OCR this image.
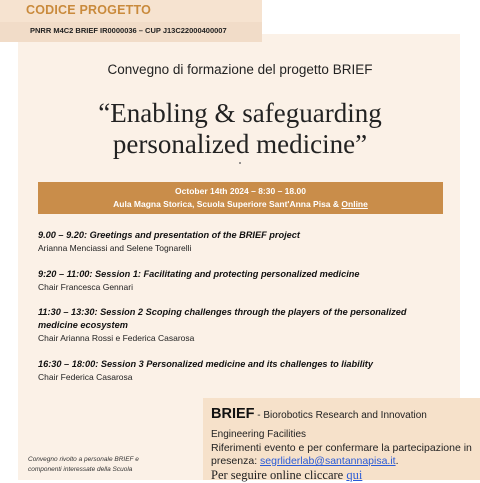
CODICE PROGETTO
PNRR M4C2 BRIEF IR0000036 – CUP J13C22000400007
Convegno di formazione del progetto BRIEF
“Enabling & safeguarding
personalized medicine”
October 14th 2024 – 8:30 – 18.00
Aula Magna Storica, Scuola Superiore Sant'Anna Pisa & Online
9.00 – 9.20: Greetings and presentation of the BRIEF project
Arianna Menciassi and Selene Tognarelli
9:20 – 11:00: Session 1: Facilitating and protecting personalized medicine
Chair Francesca Gennari
11:30 – 13:30: Session 2 Scoping challenges through the players of the personalized medicine ecosystem
Chair Arianna Rossi e Federica Casarosa
16:30 – 18:00: Session 3 Personalized medicine and its challenges to liability
Chair Federica Casarosa
Convegno rivolto a personale BRIEF e componenti interessate della Scuola
BRIEF - Biorobotics Research and Innovation
Engineering Facilities
Riferimenti evento e per confermare la partecipazione in
presenza: segrliderlab@santannapisa.it.
Per seguire online cliccare qui
